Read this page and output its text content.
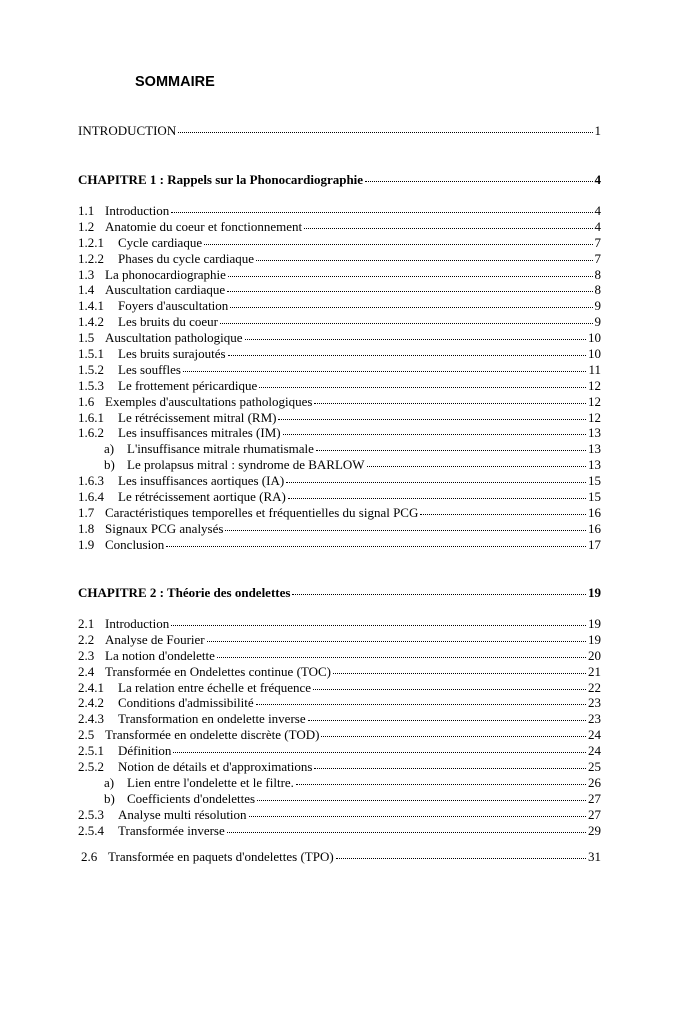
SOMMAIRE
INTRODUCTION	1
CHAPITRE 1 : Rappels sur la Phonocardiographie	4
1.1 Introduction	4
1.2 Anatomie du coeur et fonctionnement	4
1.2.1	Cycle cardiaque	7
1.2.2	Phases du cycle cardiaque	7
1.3 La phonocardiographie	8
1.4 Auscultation cardiaque	8
1.4.1	Foyers d'auscultation	9
1.4.2	Les bruits du coeur	9
1.5 Auscultation pathologique	10
1.5.1	Les bruits surajoutés	10
1.5.2	Les souffles	11
1.5.3	Le frottement péricardique	12
1.6 Exemples d'auscultations pathologiques	12
1.6.1	Le rétrécissement mitral (RM)	12
1.6.2	Les insuffisances mitrales (IM)	13
a) L'insuffisance mitrale rhumatismale	13
b) Le prolapsus mitral : syndrome de BARLOW	13
1.6.3	Les insuffisances aortiques (IA)	15
1.6.4	Le rétrécissement aortique (RA)	15
1.7 Caractéristiques temporelles et fréquentielles du signal PCG	16
1.8 Signaux PCG analysés	16
1.9 Conclusion	17
CHAPITRE 2 : Théorie des ondelettes	19
2.1 Introduction	19
2.2 Analyse de Fourier	19
2.3 La notion d'ondelette	20
2.4 Transformée en Ondelettes continue (TOC)	21
2.4.1	La relation entre échelle et fréquence	22
2.4.2	Conditions d'admissibilité	23
2.4.3	Transformation en ondelette inverse	23
2.5 Transformée en ondelette discrète (TOD)	24
2.5.1	Définition	24
2.5.2	Notion de détails et d'approximations	25
a) Lien entre l'ondelette et le filtre.	26
b) Coefficients d'ondelettes	27
2.5.3	Analyse multi résolution	27
2.5.4	Transformée inverse	29
2.6 Transformée en paquets d'ondelettes (TPO)	31
